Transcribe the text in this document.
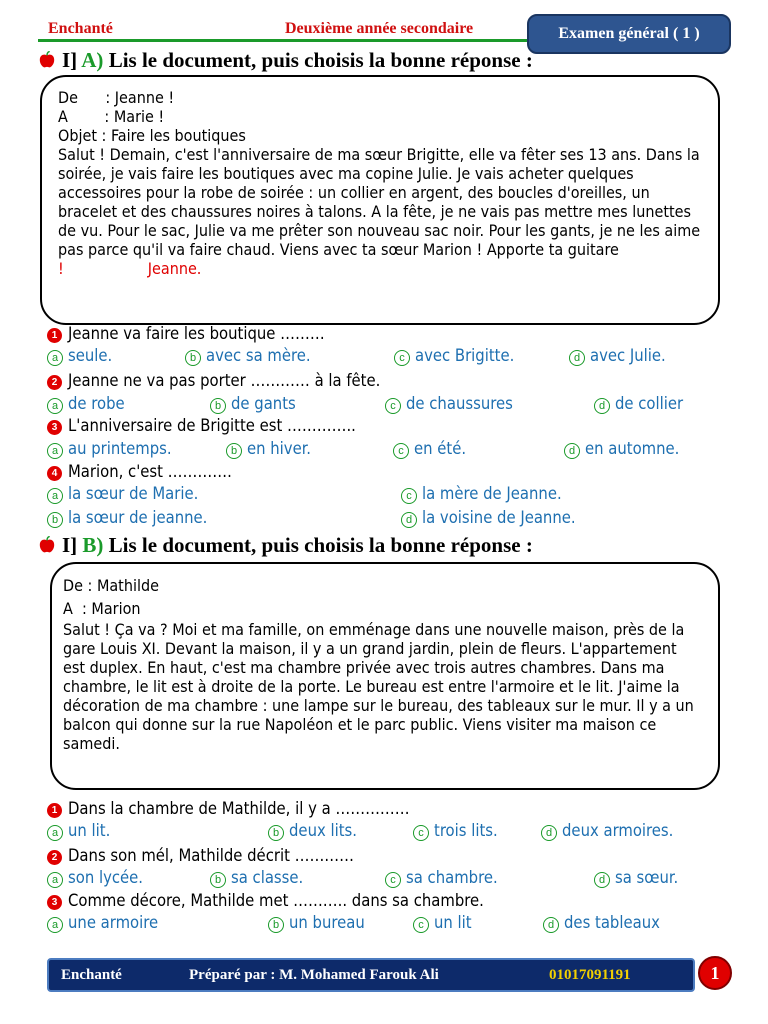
Enchanté	Deuxième année secondaire	Examen général ( 1 )
I] A) Lis le document, puis choisis la bonne réponse :
De      : Jeanne !
A        : Marie !
Objet : Faire les boutiques
Salut ! Demain, c'est l'anniversaire de ma sœur Brigitte, elle va fêter ses 13 ans. Dans la soirée, je vais faire les boutiques avec ma copine Julie. Je vais acheter quelques accessoires pour la robe de soirée : un collier en argent, des boucles d'oreilles, un bracelet et des chaussures noires à talons. A la fête, je ne vais pas mettre mes lunettes de vu. Pour le sac, Julie va me prêter son nouveau sac noir. Pour les gants, je ne les aime pas parce qu'il va faire chaud. Viens avec ta sœur Marion ! Apporte ta guitare !	Jeanne.
1 Jeanne va faire les boutique ………
a seule.	b avec sa mère.	c avec Brigitte.	d avec Julie.
2 Jeanne ne va pas porter ………… à la fête.
a de robe	b de gants	c de chaussures	d de collier
3 L'anniversaire de Brigitte est …………..
a au printemps.	b en hiver.	c en été.	d en automne.
4 Marion, c'est ………….
a la sœur de Marie.	c la mère de Jeanne.
b la sœur de jeanne.	d la voisine de Jeanne.
I] B) Lis le document, puis choisis la bonne réponse :
De : Mathilde
A  : Marion
Salut ! Ça va ? Moi et ma famille, on emménage dans une nouvelle maison, près de la gare Louis XI. Devant la maison, il y a un grand jardin, plein de fleurs. L'appartement est duplex. En haut, c'est ma chambre privée avec trois autres chambres. Dans ma chambre, le lit est à droite de la porte. Le bureau est entre l'armoire et le lit. J'aime la décoration de ma chambre : une lampe sur le bureau, des tableaux sur le mur. Il y a un balcon qui donne sur la rue Napoléon et le parc public. Viens visiter ma maison ce samedi.
1 Dans la chambre de Mathilde, il y a ……………
a un lit.	b deux lits.	c trois lits.	d deux armoires.
2 Dans son mél, Mathilde décrit …………
a son lycée.	b sa classe.	c sa chambre.	d sa sœur.
3 Comme décore, Mathilde met ……….. dans sa chambre.
a une armoire	b un bureau	c un lit	d des tableaux
Enchanté	Préparé par : M. Mohamed Farouk Ali	01017091191	1
